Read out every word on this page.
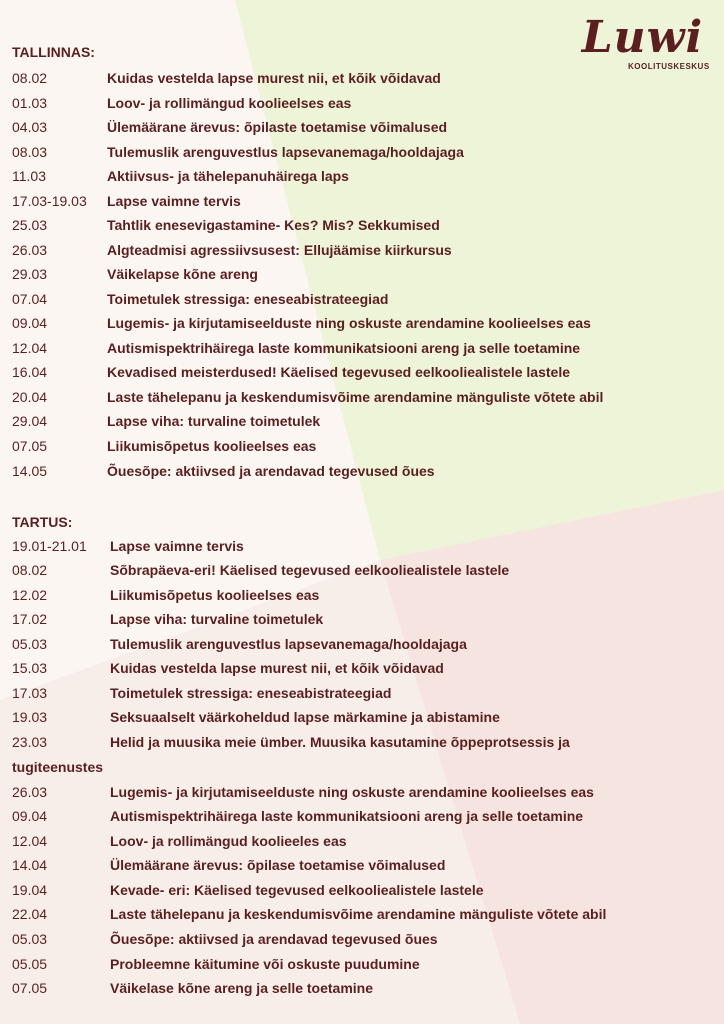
Luwi
KOOLITUSKESKUS
TALLINNAS:
08.02	Kuidas vestelda lapse murest nii, et kõik võidavad
01.03	Loov- ja rollimängud koolieelses eas
04.03	Ülemäärane ärevus: õpilaste toetamise võimalused
08.03	Tulemuslik arenguvestlus lapsevanemaga/hooldajaga
11.03	Aktiivsus- ja tähelepanuhäirega laps
17.03-19.03 Lapse vaimne tervis
25.03	Tahtlik enesevigastamine- Kes? Mis? Sekkumised
26.03	Algteadmisi agressiivsusest: Ellujäämise kiirkursus
29.03	Väikelapse kõne areng
07.04	Toimetulek stressiga: eneseabistrateegiad
09.04	Lugemis- ja kirjutamiseelduste ning oskuste arendamine koolieelses eas
12.04	Autismispektrihäirega laste kommunikatsiooni areng ja selle toetamine
16.04	Kevadised meisterdused! Käelised tegevused eelkooliealistele lastele
20.04	Laste tähelepanu ja keskendumisvõime arendamine mänguliste võtete abil
29.04	Lapse viha: turvaline toimetulek
07.05	Liikumisõpetus koolieelses eas
14.05	Õuesõpe: aktiivsed ja arendavad tegevused õues
TARTUS:
19.01-21.01 Lapse vaimne tervis
08.02	Sõbrapäeva-eri! Käelised tegevused eelkooliealistele lastele
12.02	Liikumisõpetus koolieelses eas
17.02	Lapse viha: turvaline toimetulek
05.03	Tulemuslik arenguvestlus lapsevanemaga/hooldajaga
15.03	Kuidas vestelda lapse murest nii, et kõik võidavad
17.03	Toimetulek stressiga: eneseabistrateegiad
19.03	Seksuaalselt väärkoheldud lapse märkamine ja abistamine
23.03	Helid ja muusika meie ümber. Muusika kasutamine õppeprotsessis ja
tugiteenustes
26.03	Lugemis- ja kirjutamiseelduste ning oskuste arendamine koolieelses eas
09.04	Autismispektrihäirega laste kommunikatsiooni areng ja selle toetamine
12.04	Loov- ja rollimängud koolieeles eas
14.04	Ülemäärane ärevus: õpilase toetamise võimalused
19.04	Kevade- eri: Käelised tegevused eelkooliealistele lastele
22.04	Laste tähelepanu ja keskendumisvõime arendamine mänguliste võtete abil
05.03	Õuesõpe: aktiivsed ja arendavad tegevused õues
05.05	Probleemne käitumine või oskuste puudumine
07.05	Väikelase kõne areng ja selle toetamine
